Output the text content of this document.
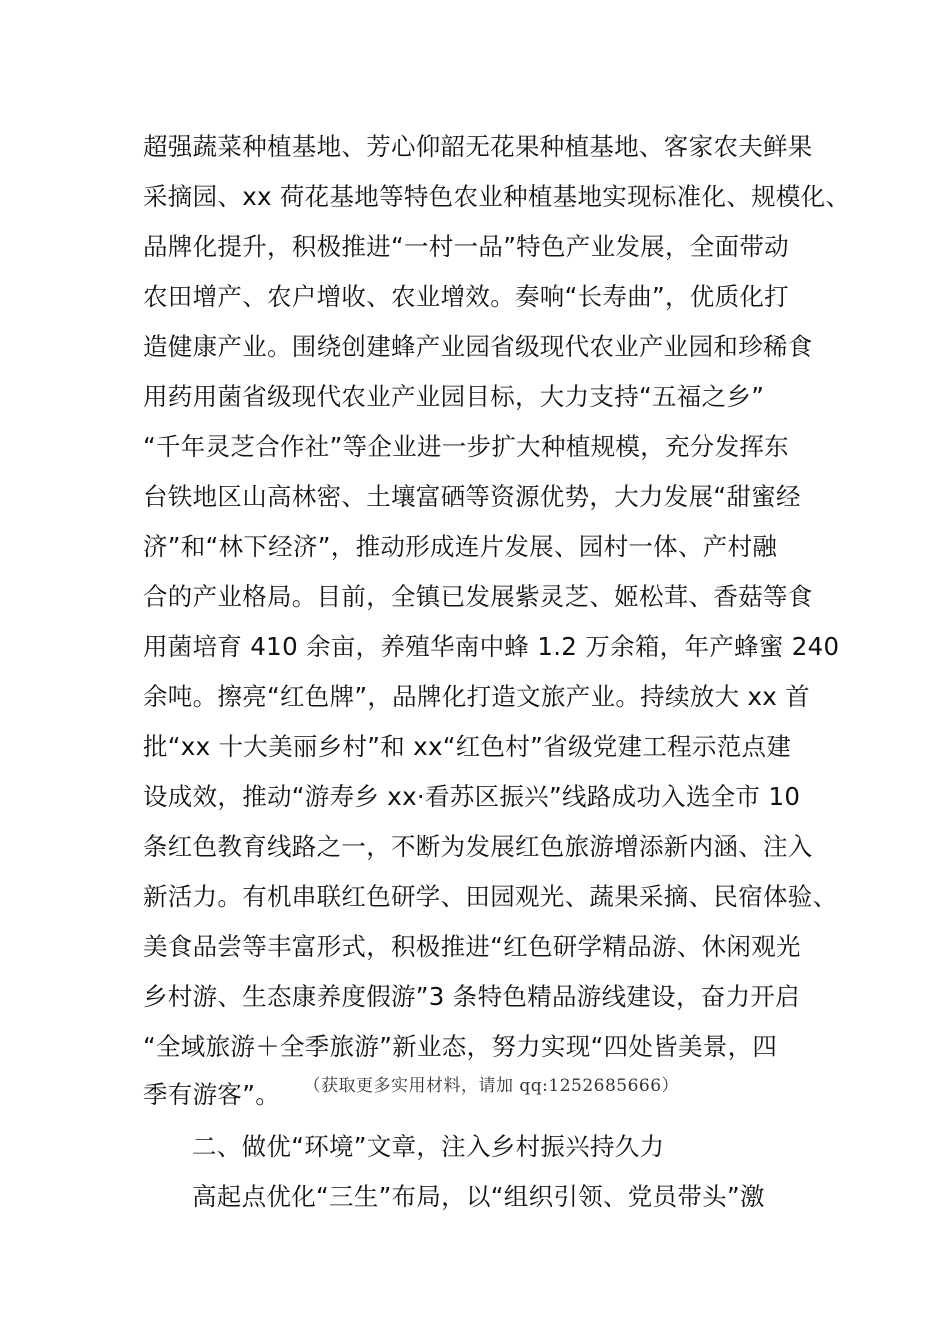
超强蔬菜种植基地、芳心仰韶无花果种植基地、客家农夫鲜果
采摘园、xx 荷花基地等特色农业种植基地实现标准化、规模化、
品牌化提升，积极推进“一村一品”特色产业发展，全面带动
农田增产、农户增收、农业增效。奏响“长寿曲”，优质化打
造健康产业。围绕创建蜂产业园省级现代农业产业园和珍稀食
用药用菌省级现代农业产业园目标，大力支持“五福之乡”
“千年灵芝合作社”等企业进一步扩大种植规模，充分发挥东
台铁地区山高林密、土壤富硒等资源优势，大力发展“甜蜜经
济”和“林下经济”，推动形成连片发展、园村一体、产村融
合的产业格局。目前，全镇已发展紫灵芝、姬松茸、香菇等食
用菌培育 410 余亩，养殖华南中蜂 1.2 万余箱，年产蜂蜜 240
余吨。擦亮“红色牌”，品牌化打造文旅产业。持续放大 xx 首
批“xx 十大美丽乡村”和 xx“红色村”省级党建工程示范点建
设成效，推动“游寿乡 xx·看苏区振兴”线路成功入选全市 10
条红色教育线路之一，不断为发展红色旅游增添新内涵、注入
新活力。有机串联红色研学、田园观光、蔬果采摘、民宿体验、
美食品尝等丰富形式，积极推进“红色研学精品游、休闲观光
乡村游、生态康养度假游”3 条特色精品游线建设，奋力开启
“全域旅游＋全季旅游”新业态，努力实现“四处皆美景，四
季有游客”。 $^{(获取更多实用材料,请加 qq:1252685666)}$
二、做优“环境”文章，注入乡村振兴持久力
高起点优化“三生”布局，以“组织引领、党员带头”激
